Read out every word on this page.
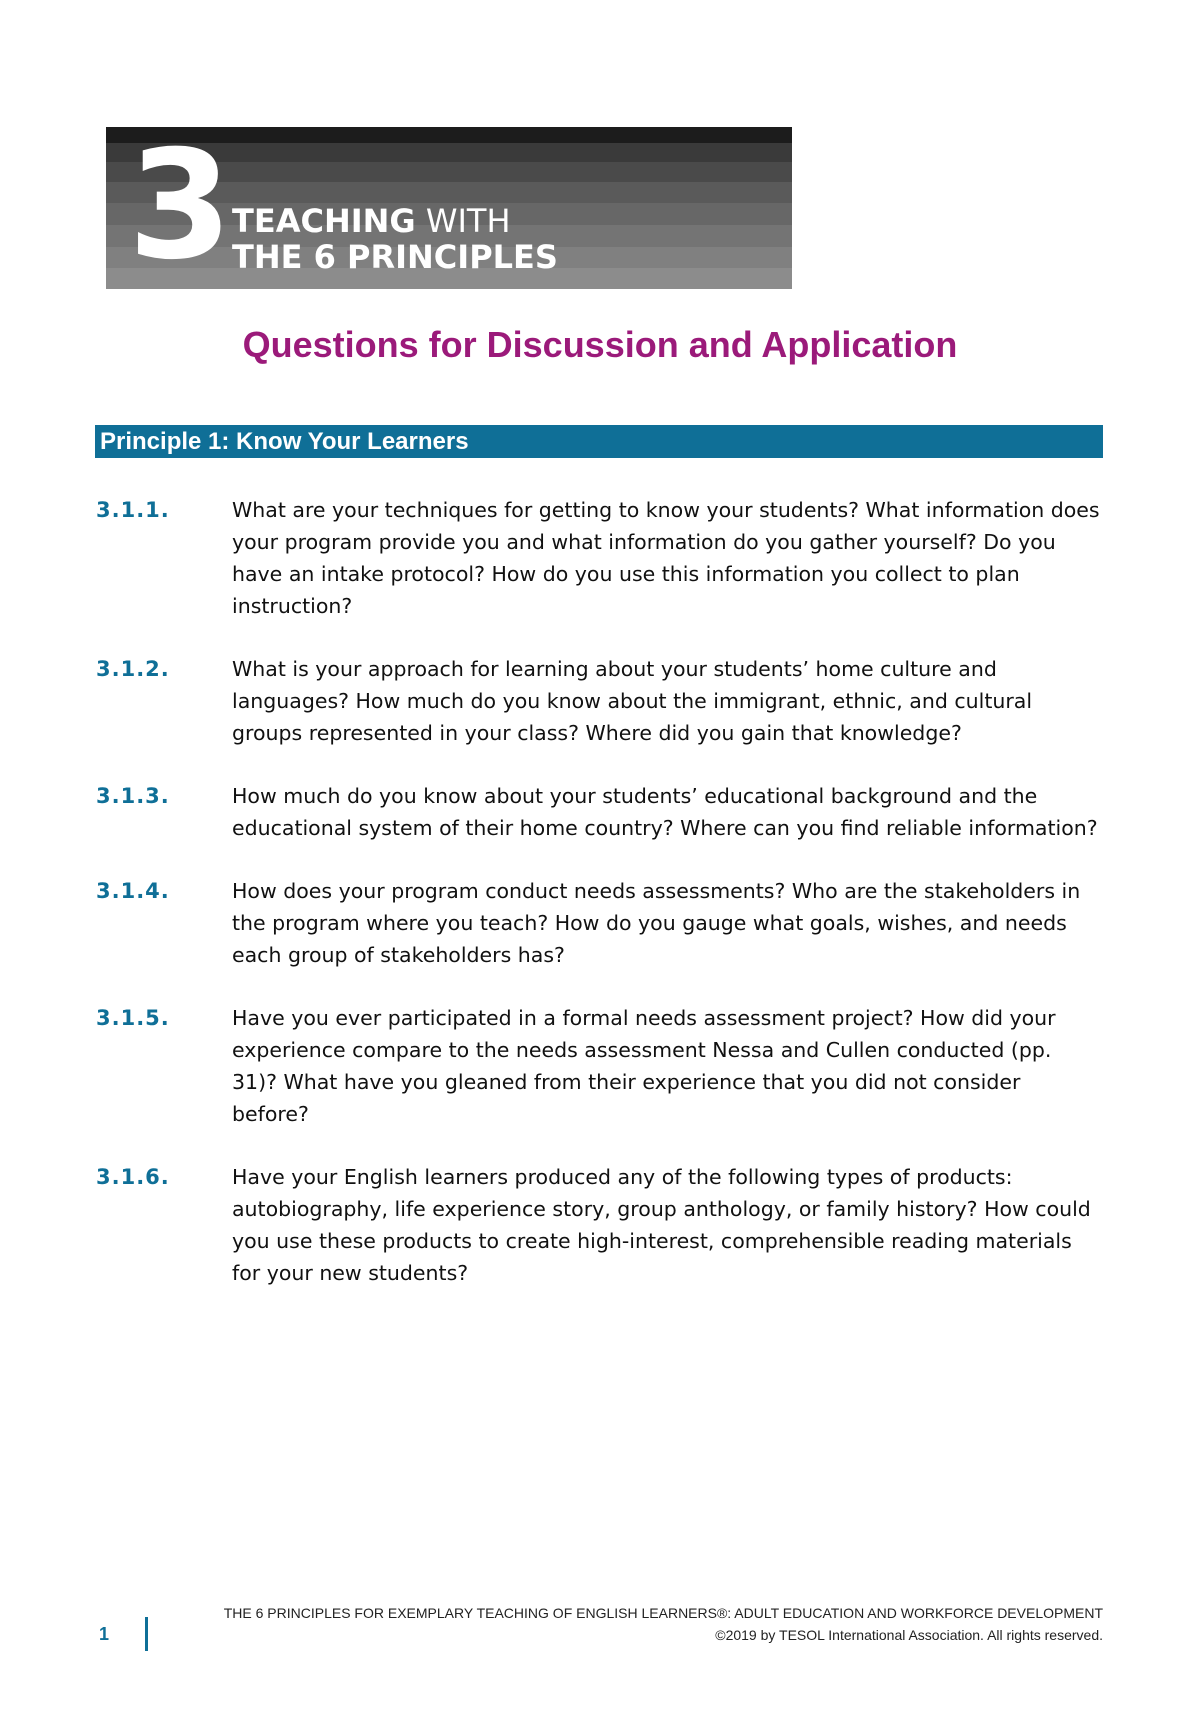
3 TEACHING WITH
THE 6 PRINCIPLES
Questions for Discussion and Application
Principle 1: Know Your Learners
3.1.1.	What are your techniques for getting to know your students? What information does your program provide you and what information do you gather yourself? Do you have an intake protocol? How do you use this information you collect to plan instruction?
3.1.2.	What is your approach for learning about your students’ home culture and languages? How much do you know about the immigrant, ethnic, and cultural groups represented in your class? Where did you gain that knowledge?
3.1.3.	How much do you know about your students’ educational background and the educational system of their home country? Where can you find reliable information?
3.1.4.	How does your program conduct needs assessments? Who are the stakeholders in the program where you teach? How do you gauge what goals, wishes, and needs each group of stakeholders has?
3.1.5.	Have you ever participated in a formal needs assessment project? How did your experience compare to the needs assessment Nessa and Cullen conducted (pp. 31)? What have you gleaned from their experience that you did not consider before?
3.1.6.	Have your English learners produced any of the following types of products: autobiography, life experience story, group anthology, or family history? How could you use these products to create high-interest, comprehensible reading materials for your new students?
1
THE 6 PRINCIPLES FOR EXEMPLARY TEACHING OF ENGLISH LEARNERS®: ADULT EDUCATION AND WORKFORCE DEVELOPMENT
©2019 by TESOL International Association. All rights reserved.
